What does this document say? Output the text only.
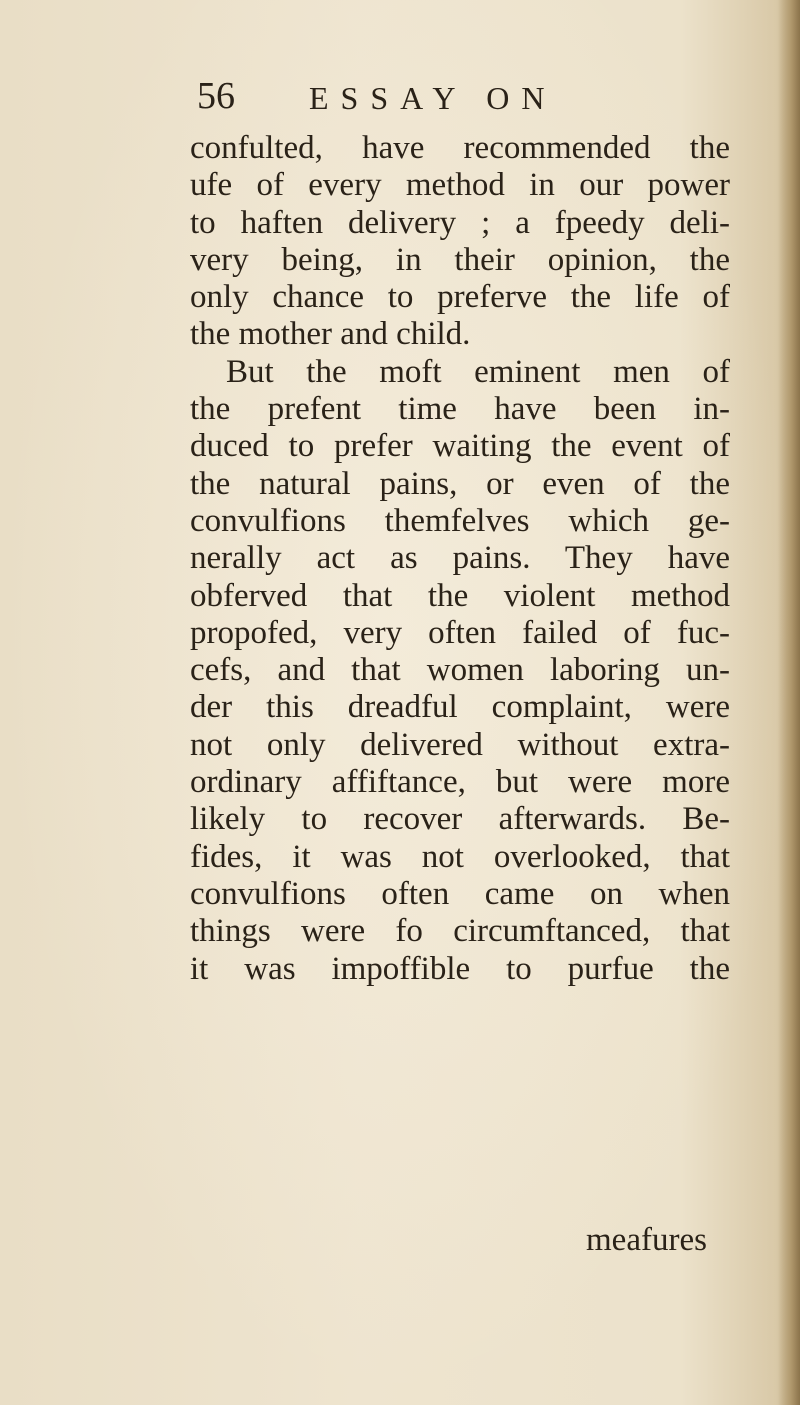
56 ESSAY ON
confulted, have recommended the
ufe of every method in our power
to haften delivery ; a fpeedy deli-
very being, in their opinion, the
only chance to preferve the life of
the mother and child.
But the moft eminent men of
the prefent time have been in-
duced to prefer waiting the event of
the natural pains, or even of the
convulfions themfelves which ge-
nerally act as pains. They have
obferved that the violent method
propofed, very often failed of fuc-
cefs, and that women laboring un-
der this dreadful complaint, were
not only delivered without extra-
ordinary affiftance, but were more
likely to recover afterwards. Be-
fides, it was not overlooked, that
convulfions often came on when
things were fo circumftanced, that
it was impoffible to purfue the
meafures
